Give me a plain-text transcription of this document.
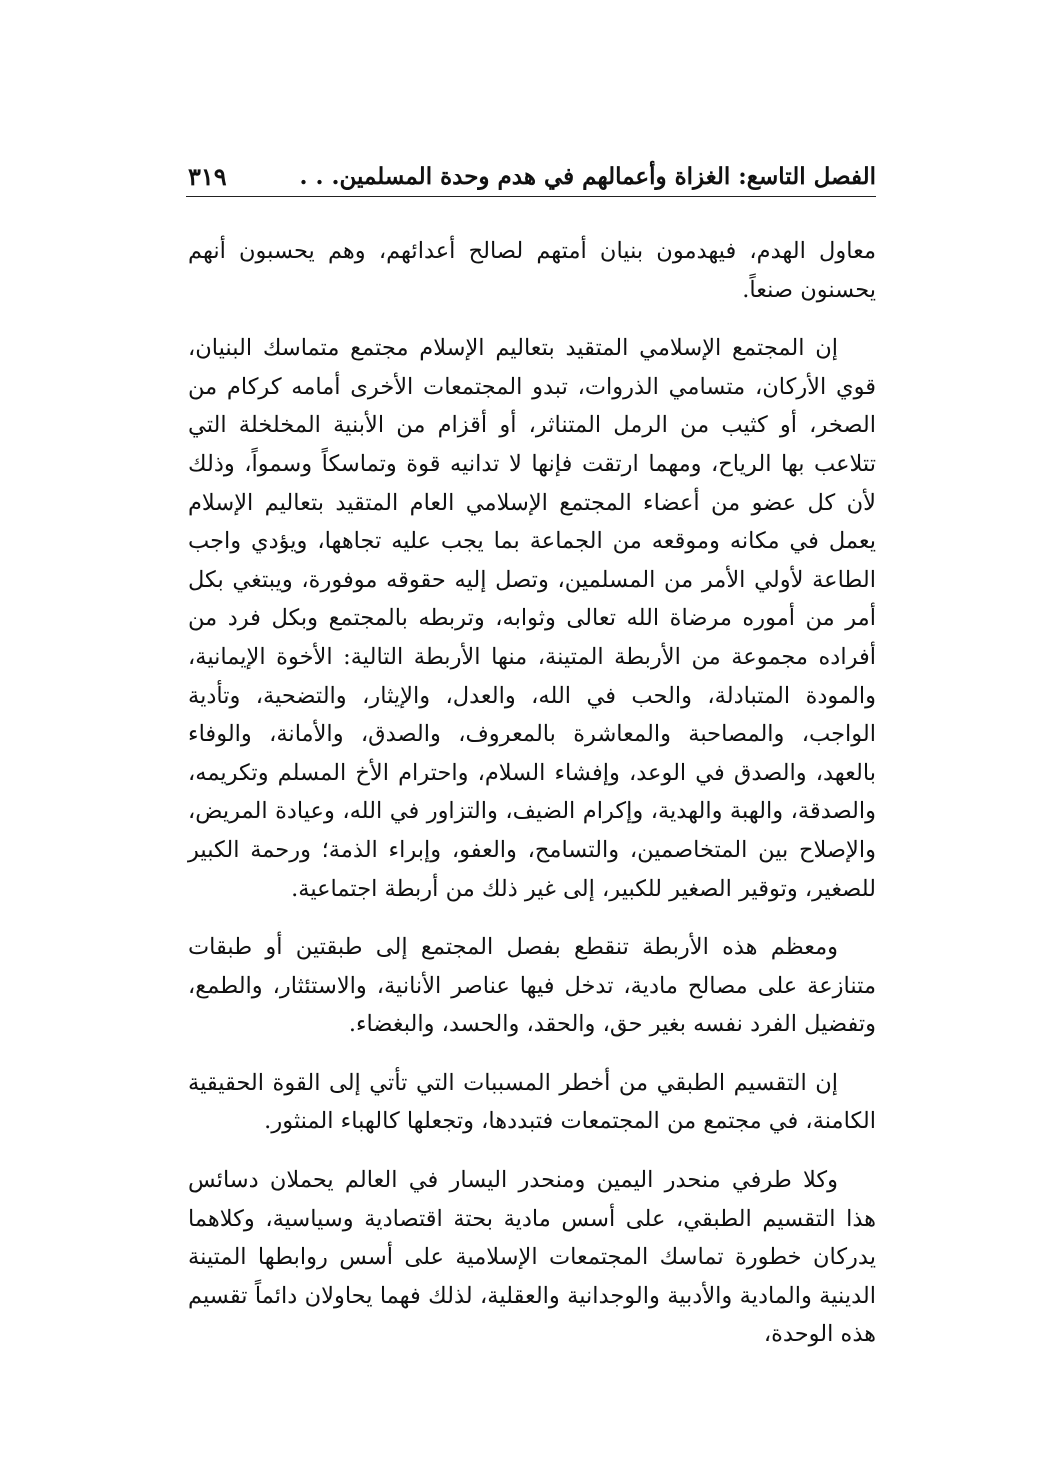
الفصل التاسع: الغزاة وأعمالهم في هدم وحدة المسلمين. . .
٣١٩

معاول الهدم، فيهدمون بنيان أمتهم لصالح أعدائهم، وهم يحسبون أنهم يحسنون صنعاً.

إن المجتمع الإسلامي المتقيد بتعاليم الإسلام مجتمع متماسك البنيان، قوي الأركان، متسامي الذروات، تبدو المجتمعات الأخرى أمامه كركام من الصخر، أو كثيب من الرمل المتناثر، أو أقزام من الأبنية المخلخلة التي تتلاعب بها الرياح، ومهما ارتقت فإنها لا تدانيه قوة وتماسكاً وسمواً، وذلك لأن كل عضو من أعضاء المجتمع الإسلامي العام المتقيد بتعاليم الإسلام يعمل في مكانه وموقعه من الجماعة بما يجب عليه تجاهها، ويؤدي واجب الطاعة لأولي الأمر من المسلمين، وتصل إليه حقوقه موفورة، ويبتغي بكل أمر من أموره مرضاة الله تعالى وثوابه، وتربطه بالمجتمع وبكل فرد من أفراده مجموعة من الأربطة المتينة، منها الأربطة التالية: الأخوة الإيمانية، والمودة المتبادلة، والحب في الله، والعدل، والإيثار، والتضحية، وتأدية الواجب، والمصاحبة والمعاشرة بالمعروف، والصدق، والأمانة، والوفاء بالعهد، والصدق في الوعد، وإفشاء السلام، واحترام الأخ المسلم وتكريمه، والصدقة، والهبة والهدية، وإكرام الضيف، والتزاور في الله، وعيادة المريض، والإصلاح بين المتخاصمين، والتسامح، والعفو، وإبراء الذمة؛ ورحمة الكبير للصغير، وتوقير الصغير للكبير، إلى غير ذلك من أربطة اجتماعية.

ومعظم هذه الأربطة تنقطع بفصل المجتمع إلى طبقتين أو طبقات متنازعة على مصالح مادية، تدخل فيها عناصر الأنانية، والاستئثار، والطمع، وتفضيل الفرد نفسه بغير حق، والحقد، والحسد، والبغضاء.

إن التقسيم الطبقي من أخطر المسببات التي تأتي إلى القوة الحقيقية الكامنة، في مجتمع من المجتمعات فتبددها، وتجعلها كالهباء المنثور.

وكلا طرفي منحدر اليمين ومنحدر اليسار في العالم يحملان دسائس هذا التقسيم الطبقي، على أسس مادية بحتة اقتصادية وسياسية، وكلاهما يدركان خطورة تماسك المجتمعات الإسلامية على أسس روابطها المتينة الدينية والمادية والأدبية والوجدانية والعقلية، لذلك فهما يحاولان دائماً تقسيم هذه الوحدة،
